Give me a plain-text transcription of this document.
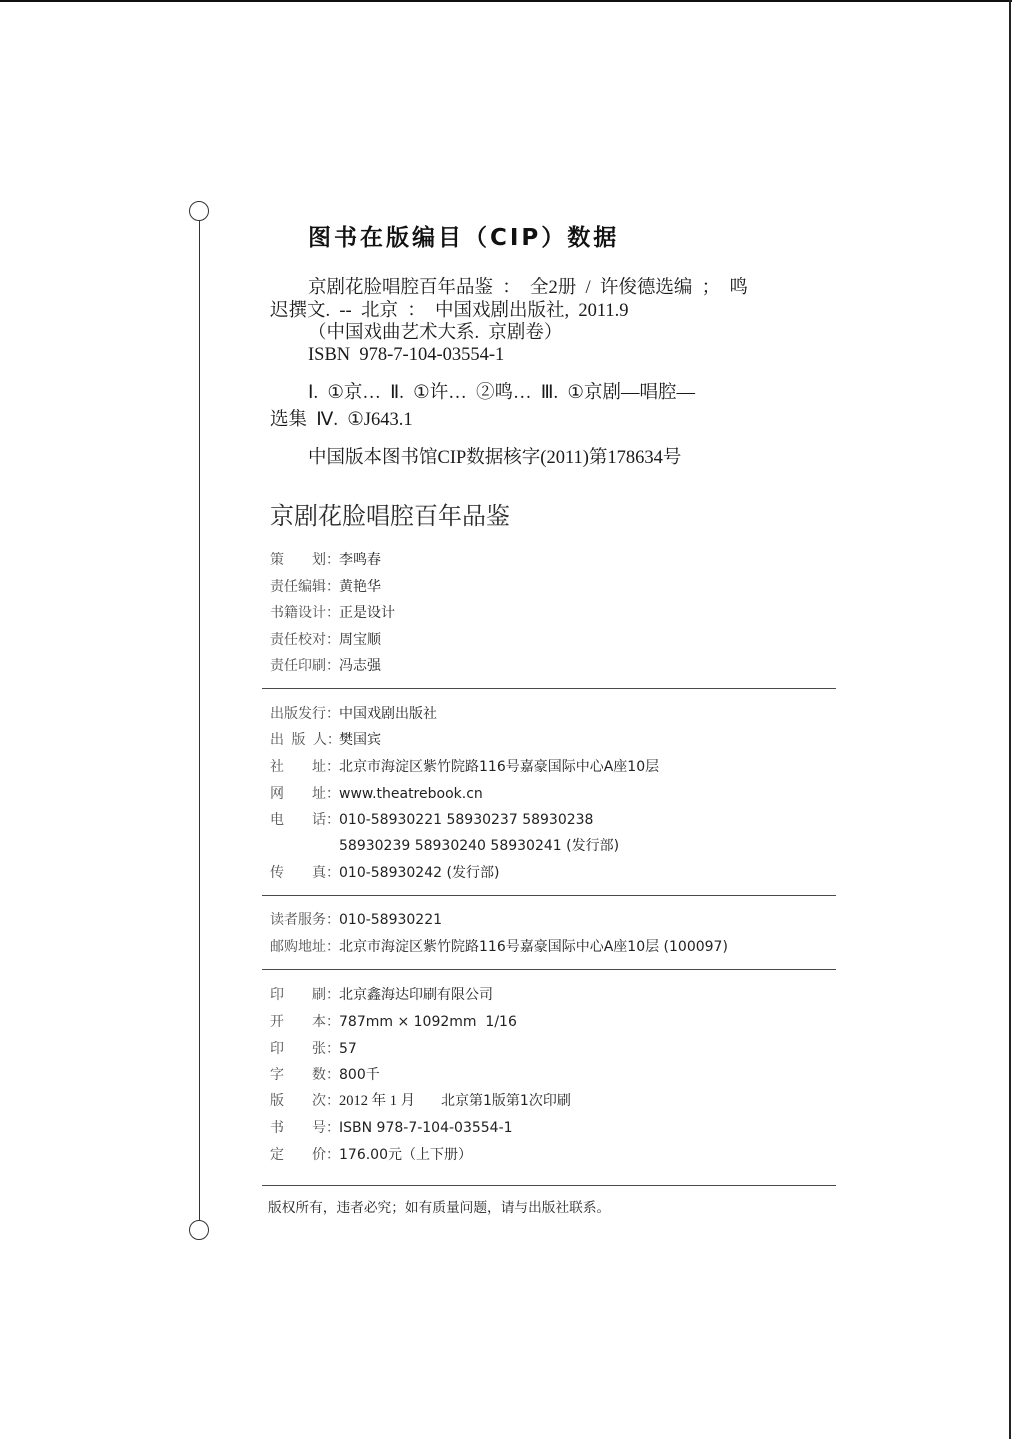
图书在版编目（CIP）数据
京剧花脸唱腔百年品鉴 ： 全2册 / 许俊德选编 ； 鸣
迟撰文. -- 北京 ： 中国戏剧出版社, 2011.9
（中国戏曲艺术大系. 京剧卷）
ISBN 978-7-104-03554-1
Ⅰ. ①京… Ⅱ. ①许… ②鸣… Ⅲ. ①京剧—唱腔—
选集 Ⅳ. ①J643.1
中国版本图书馆CIP数据核字(2011)第178634号
京剧花脸唱腔百年品鉴
策　　划： 李鸣春
责任编辑： 黄艳华
书籍设计： 正是设计
责任校对： 周宝顺
责任印刷： 冯志强
出版发行： 中国戏剧出版社
出 版 人：
樊国宾
社　　址： 北京市海淀区紫竹院路116号嘉豪国际中心A座10层
网　　址： www.theatrebook.cn
电　　话： 010-58930221 58930237 58930238
58930239 58930240 58930241 (发行部)
传　　真： 010-58930242 (发行部)
读者服务： 010-58930221
邮购地址： 北京市海淀区紫竹院路116号嘉豪国际中心A座10层 (100097)
印　　刷： 北京鑫海达印刷有限公司
开　　本： 787mm × 1092mm  1/16
印　　张： 57
字　　数： 800千
版　　次： 2012 年 1 月 北京第1版第1次印刷
书　　号： ISBN 978-7-104-03554-1
定　　价： 176.00元（上下册）
版权所有，违者必究；如有质量问题，请与出版社联系。
